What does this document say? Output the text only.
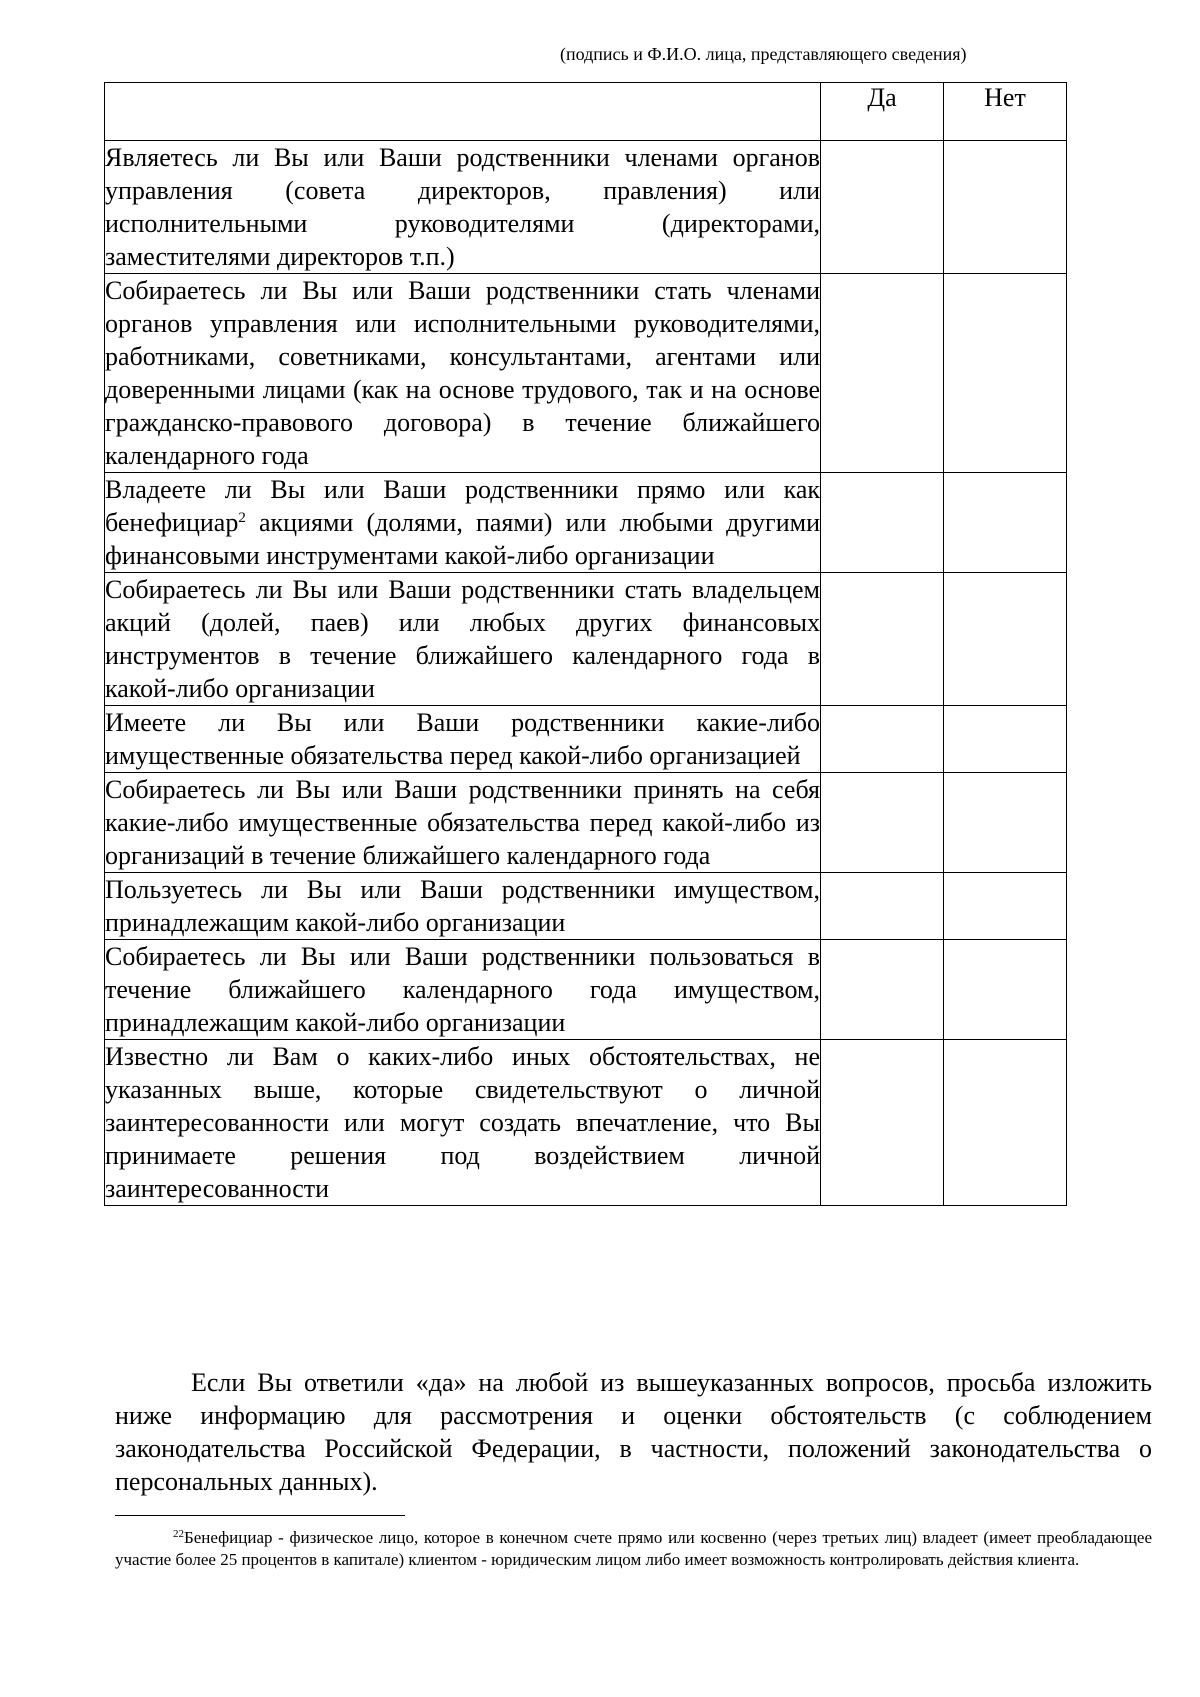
(подпись и Ф.И.О. лица, представляющего сведения)
	Да	Нет
Являетесь ли Вы или Ваши родственники членами органов управления (совета директоров, правления) или исполнительными руководителями (директорами, заместителями директоров т.п.)		
Собираетесь ли Вы или Ваши родственники стать членами органов управления или исполнительными руководителями, работниками, советниками, консультантами, агентами или доверенными лицами (как на основе трудового, так и на основе гражданско-правового договора) в течение ближайшего календарного года		
Владеете ли Вы или Ваши родственники прямо или как бенефициар$^2$ акциями (долями, паями) или любыми другими финансовыми инструментами какой-либо организации		
Собираетесь ли Вы или Ваши родственники стать владельцем акций (долей, паев) или любых других финансовых инструментов в течение ближайшего календарного года в какой-либо организации		
Имеете ли Вы или Ваши родственники какие-либо имущественные обязательства перед какой-либо организацией		
Собираетесь ли Вы или Ваши родственники принять на себя какие-либо имущественные обязательства перед какой-либо из организаций в течение ближайшего календарного года		
Пользуетесь ли Вы или Ваши родственники имуществом, принадлежащим какой-либо организации		
Собираетесь ли Вы или Ваши родственники пользоваться в течение ближайшего календарного года имуществом, принадлежащим какой-либо организации		
Известно ли Вам о каких-либо иных обстоятельствах, не указанных выше, которые свидетельствуют о личной заинтересованности или могут создать впечатление, что Вы принимаете решения под воздействием личной заинтересованности		

Если Вы ответили «да» на любой из вышеуказанных вопросов, просьба изложить ниже информацию для рассмотрения и оценки обстоятельств (с соблюдением законодательства Российской Федерации, в частности, положений законодательства о персональных данных).

$^{22}$Бенефициар - физическое лицо, которое в конечном счете прямо или косвенно (через третьих лиц) владеет (имеет преобладающее участие более 25 процентов в капитале) клиентом - юридическим лицом либо имеет возможность контролировать действия клиента.
